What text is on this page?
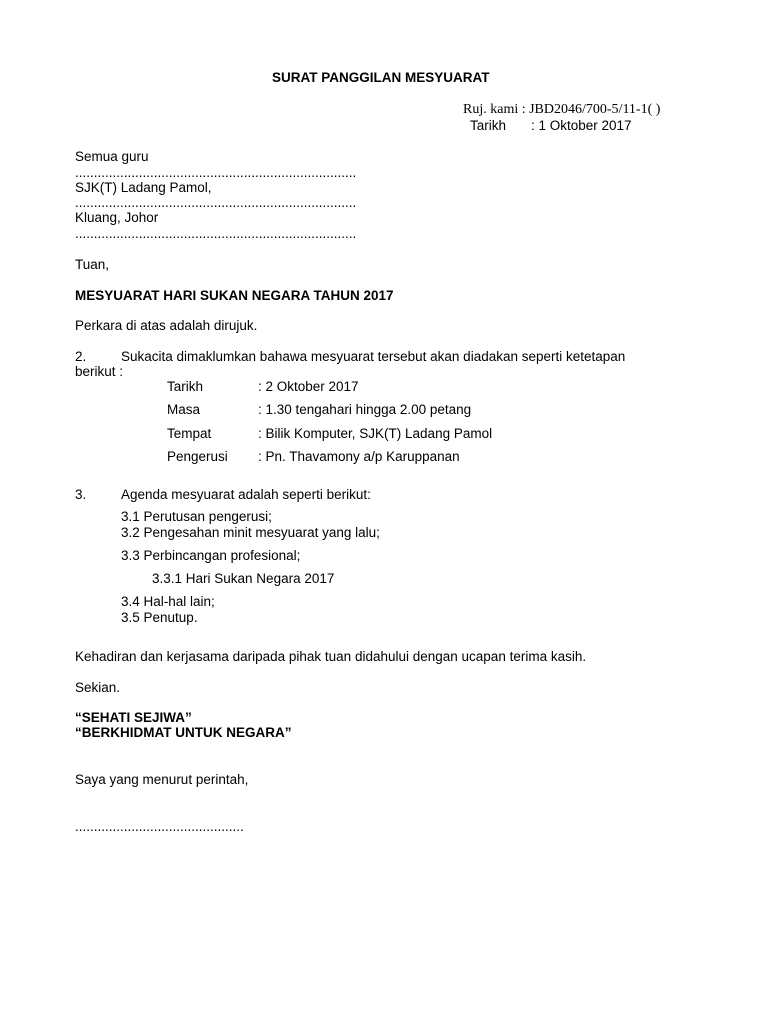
SURAT PANGGILAN MESYUARAT
Ruj. kami : JBD2046/700-5/11-1( )
Tarikh : 1 Oktober 2017
Semua guru
...........................................................................
SJK(T) Ladang Pamol,
...........................................................................
Kluang, Johor
...........................................................................
Tuan,
MESYUARAT HARI SUKAN NEGARA TAHUN 2017
Perkara di atas adalah dirujuk.
2.	Sukacita dimaklumkan bahawa mesyuarat tersebut akan diadakan seperti ketetapan
berikut :
Tarikh	: 2 Oktober 2017
Masa	: 1.30 tengahari hingga 2.00 petang
Tempat	: Bilik Komputer, SJK(T) Ladang Pamol
Pengerusi : Pn. Thavamony a/p Karuppanan
3.	Agenda mesyuarat adalah seperti berikut:
3.1 Perutusan pengerusi;
3.2 Pengesahan minit mesyuarat yang lalu;
3.3 Perbincangan profesional;
3.3.1 Hari Sukan Negara 2017
3.4 Hal-hal lain;
3.5 Penutup.
Kehadiran dan kerjasama daripada pihak tuan didahului dengan ucapan terima kasih.
Sekian.
“SEHATI SEJIWA”
“BERKHIDMAT UNTUK NEGARA”
Saya yang menurut perintah,
.............................................
